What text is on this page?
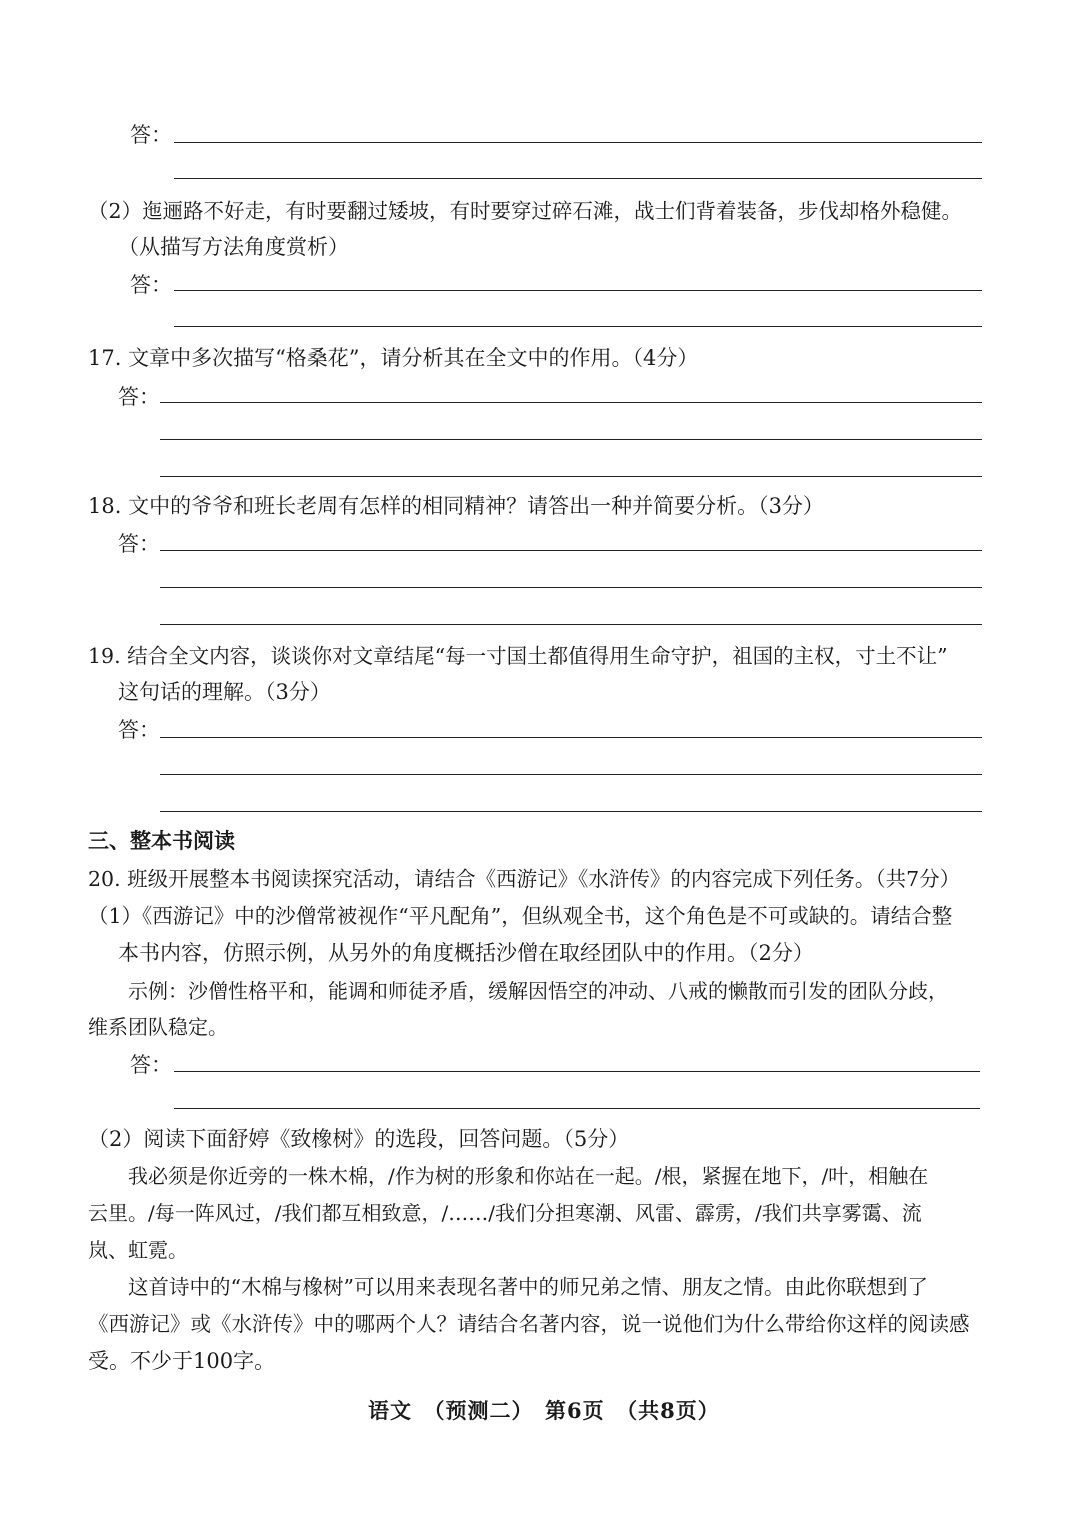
答：
（2）迤逦路不好走，有时要翻过矮坡，有时要穿过碎石滩，战士们背着装备，步伐却格外稳健。
（从描写方法角度赏析）
答：
17. 文章中多次描写“格桑花”，请分析其在全文中的作用。（4分）
答：
18. 文中的爷爷和班长老周有怎样的相同精神？请答出一种并简要分析。（3分）
答：
19. 结合全文内容，谈谈你对文章结尾“每一寸国土都值得用生命守护，祖国的主权，寸土不让”
这句话的理解。（3分）
答：
三、整本书阅读
20. 班级开展整本书阅读探究活动，请结合《西游记》《水浒传》的内容完成下列任务。（共7分）
（1）《西游记》中的沙僧常被视作“平凡配角”，但纵观全书，这个角色是不可或缺的。请结合整
本书内容，仿照示例，从另外的角度概括沙僧在取经团队中的作用。（2分）
示例：沙僧性格平和，能调和师徒矛盾，缓解因悟空的冲动、八戒的懒散而引发的团队分歧，
维系团队稳定。
答：
（2）阅读下面舒婷《致橡树》的选段，回答问题。（5分）
我必须是你近旁的一株木棉，/作为树的形象和你站在一起。/根，紧握在地下，/叶，相触在
云里。/每一阵风过，/我们都互相致意，/……/我们分担寒潮、风雷、霹雳，/我们共享雾霭、流
岚、虹霓。
这首诗中的“木棉与橡树”可以用来表现名著中的师兄弟之情、朋友之情。由此你联想到了
《西游记》或《水浒传》中的哪两个人？请结合名著内容，说一说他们为什么带给你这样的阅读感
受。不少于100字。
语文　（预测二）　第6页　（共8页）
